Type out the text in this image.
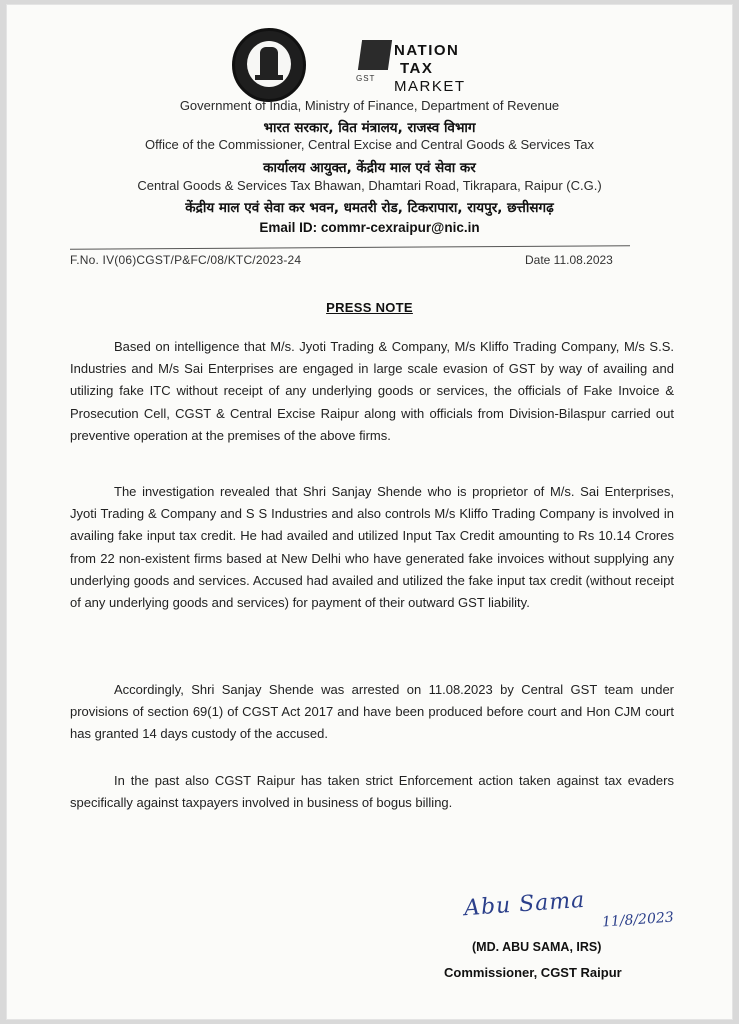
GST
NATION
TAX
MARKET
Government of India, Ministry of Finance, Department of Revenue
भारत सरकार, वित मंत्रालय, राजस्व विभाग
Office of the Commissioner, Central Excise and Central Goods & Services Tax
कार्यालय आयुक्त, केंद्रीय माल एवं सेवा कर
Central Goods & Services Tax Bhawan, Dhamtari Road, Tikrapara, Raipur (C.G.)
केंद्रीय माल एवं सेवा कर भवन, धमतरी रोड, टिकरापारा, रायपुर, छत्तीसगढ़
Email ID: commr-cexraipur@nic.in
F.No. IV(06)CGST/P&FC/08/KTC/2023-24	Date 11.08.2023
PRESS NOTE
Based on intelligence that M/s. Jyoti Trading & Company, M/s Kliffo Trading Company, M/s S.S. Industries and M/s Sai Enterprises are engaged in large scale evasion of GST by way of availing and utilizing fake ITC without receipt of any underlying goods or services, the officials of Fake Invoice & Prosecution Cell, CGST & Central Excise Raipur along with officials from Division-Bilaspur carried out preventive operation at the premises of the above firms.
The investigation revealed that Shri Sanjay Shende who is proprietor of M/s. Sai Enterprises, Jyoti Trading & Company and S S Industries and also controls M/s Kliffo Trading Company is involved in availing fake input tax credit. He had availed and utilized Input Tax Credit amounting to Rs 10.14 Crores from 22 non-existent firms based at New Delhi who have generated fake invoices without supplying any underlying goods and services. Accused had availed and utilized the fake input tax credit (without receipt of any underlying goods and services) for payment of their outward GST liability.
Accordingly, Shri Sanjay Shende was arrested on 11.08.2023 by Central GST team under provisions of section 69(1) of CGST Act 2017 and have been produced before court and Hon CJM court has granted 14 days custody of the accused.
In the past also CGST Raipur has taken strict Enforcement action taken against tax evaders specifically against taxpayers involved in business of bogus billing.
Abu Sama 11/8/2023
(MD. ABU SAMA, IRS)
Commissioner, CGST Raipur
